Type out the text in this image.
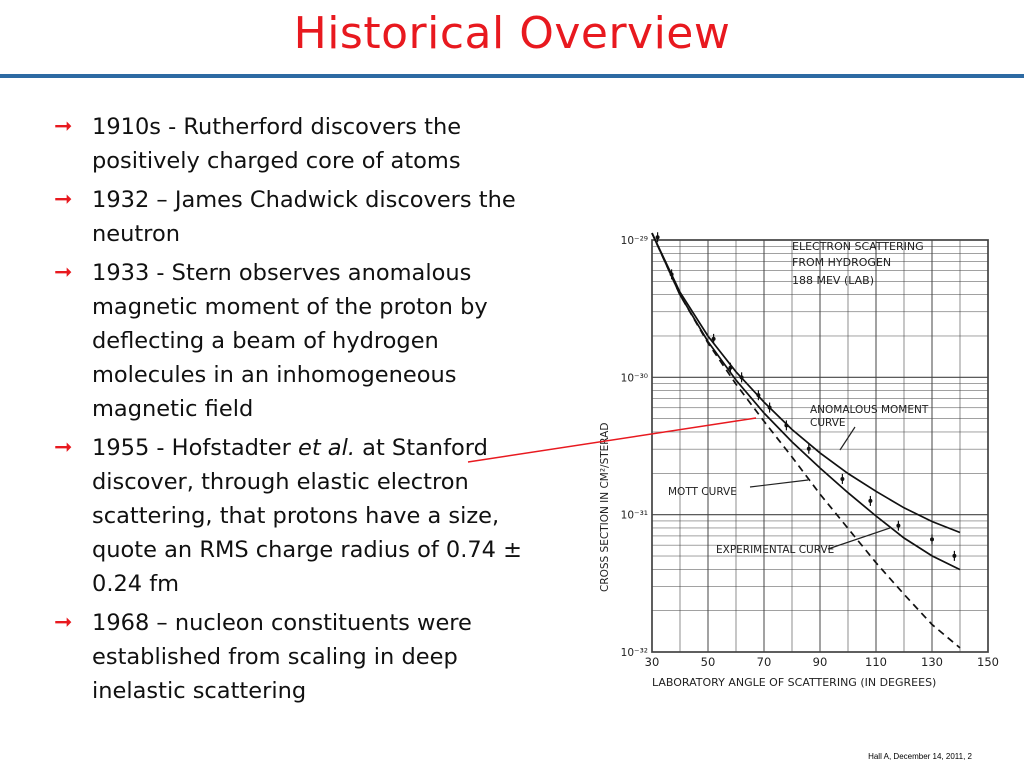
Historical Overview
➞ 1910s - Rutherford discovers the positively charged core of atoms
➞ 1932 – James Chadwick discovers the neutron
➞ 1933 - Stern observes anomalous magnetic moment of the proton by deflecting a beam of hydrogen molecules in an inhomogeneous magnetic field
➞ 1955 - Hofstadter et al. at Stanford discover, through elastic electron scattering, that protons have a size, quote an RMS charge radius of 0.74 ± 0.24 fm
➞ 1968 – nucleon constituents were established from scaling in deep inelastic scattering
30	50	70	90	110	130	150
10⁻²⁹
10⁻³⁰
10⁻³¹
10⁻³²
ELECTRON SCATTERING
FROM HYDROGEN
188 MEV (LAB)
ANOMALOUS MOMENT
CURVE
MOTT CURVE
EXPERIMENTAL CURVE
LABORATORY ANGLE OF SCATTERING (IN DEGREES)
CROSS SECTION IN CM²/STERAD
Hall A, December 14, 2011, 2
